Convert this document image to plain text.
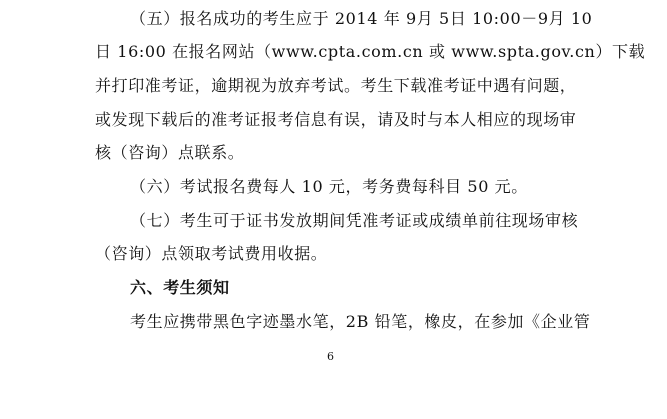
（五）报名成功的考生应于 2014 年 9月 5日 10:00－9月 10
日 16:00 在报名网站（www.cpta.com.cn 或 www.spta.gov.cn）下载
并打印准考证，逾期视为放弃考试。考生下载准考证中遇有问题，
或发现下载后的准考证报考信息有误，请及时与本人相应的现场审
核（咨询）点联系。
（六）考试报名费每人 10 元，考务费每科目 50 元。
（七）考生可于证书发放期间凭准考证或成绩单前往现场审核
（咨询）点领取考试费用收据。
六、考生须知
考生应携带黑色字迹墨水笔，2B 铅笔，橡皮，在参加《企业管
6
